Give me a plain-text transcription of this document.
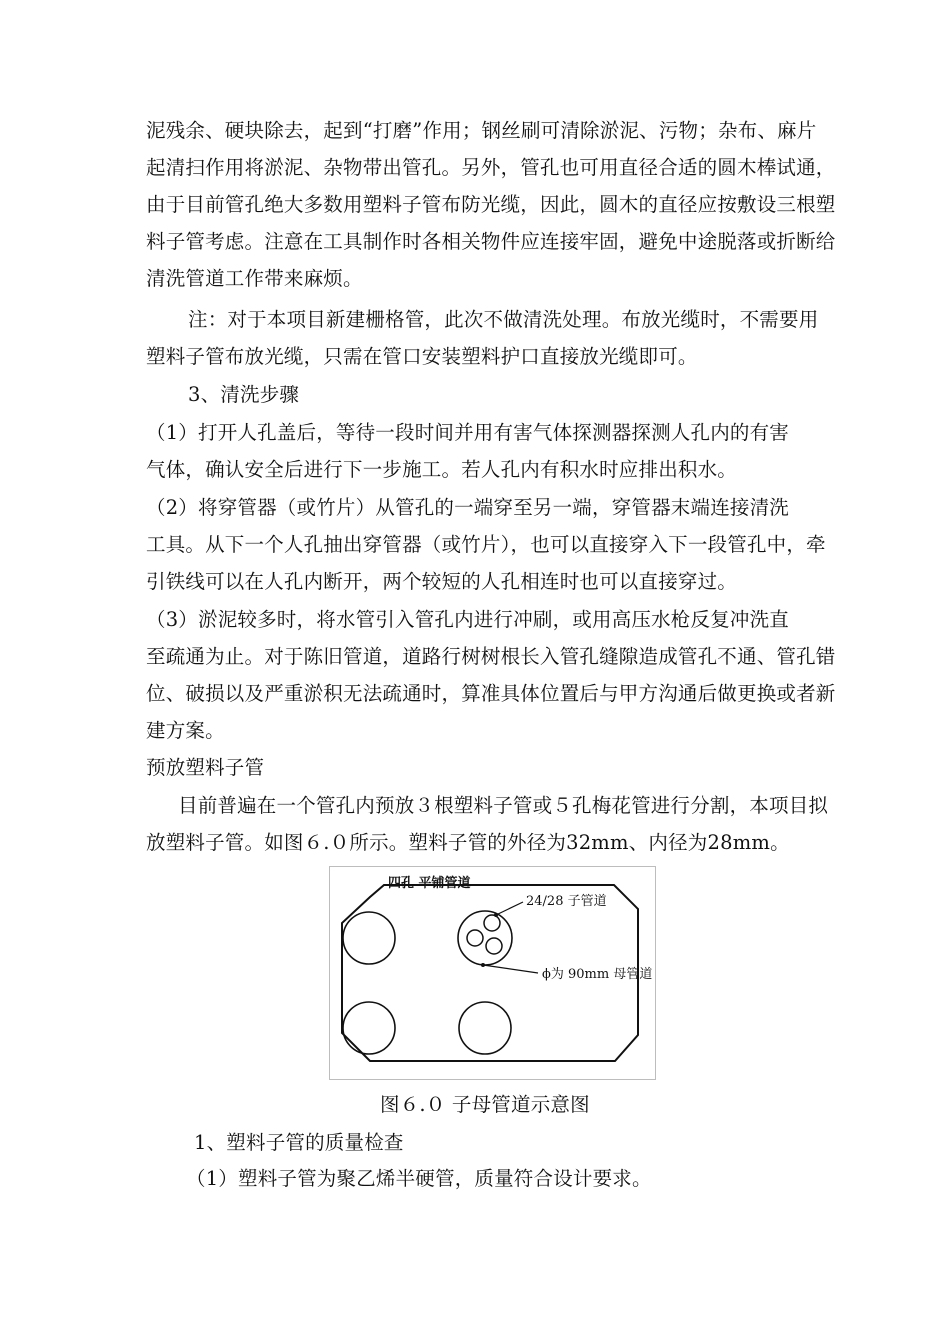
泥残余、硬块除去，起到“打磨”作用；钢丝刷可清除淤泥、污物；杂布、麻片
起清扫作用将淤泥、杂物带出管孔。另外，管孔也可用直径合适的圆木棒试通，
由于目前管孔绝大多数用塑料子管布防光缆，因此，圆木的直径应按敷设三根塑
料子管考虑。注意在工具制作时各相关物件应连接牢固，避免中途脱落或折断给
清洗管道工作带来麻烦。
注：对于本项目新建栅格管，此次不做清洗处理。布放光缆时，不需要用
塑料子管布放光缆，只需在管口安装塑料护口直接放光缆即可。
3、清洗步骤
（1）打开人孔盖后，等待一段时间并用有害气体探测器探测人孔内的有害
气体，确认安全后进行下一步施工。若人孔内有积水时应排出积水。
（2）将穿管器（或竹片）从管孔的一端穿至另一端，穿管器末端连接清洗
工具。从下一个人孔抽出穿管器（或竹片），也可以直接穿入下一段管孔中，牵
引铁线可以在人孔内断开，两个较短的人孔相连时也可以直接穿过。
（3）淤泥较多时，将水管引入管孔内进行冲刷，或用高压水枪反复冲洗直
至疏通为止。对于陈旧管道，道路行树树根长入管孔缝隙造成管孔不通、管孔错
位、破损以及严重淤积无法疏通时，算准具体位置后与甲方沟通后做更换或者新
建方案。
预放塑料子管
目前普遍在一个管孔内预放３根塑料子管或５孔梅花管进行分割，本项目拟
放塑料子管。如图６.０所示。塑料子管的外径为32mm、内径为28mm。
四孔 平铺管道
24/28 子管道
ϕ为 90mm 母管道
图６.０ 子母管道示意图
1、塑料子管的质量检查
（1）塑料子管为聚乙烯半硬管，质量符合设计要求。
